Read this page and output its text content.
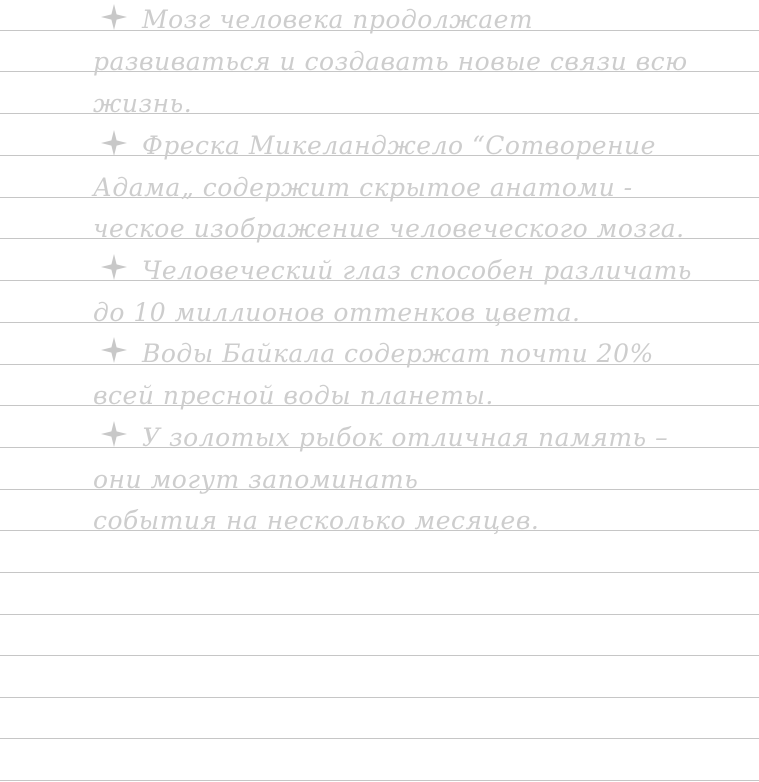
Мозг человека продолжает
развиваться и создавать новые связи всю
жизнь.
Фреска Микеланджело “Сотворение
Адама„ содержит скрытое анатоми -
ческое изображение человеческого мозга.
Человеческий глаз способен различать
до 10 миллионов оттенков цвета.
Воды Байкала содержат почти 20%
всей пресной воды планеты.
У золотых рыбок отличная память –
они могут запоминать
события на несколько месяцев.
